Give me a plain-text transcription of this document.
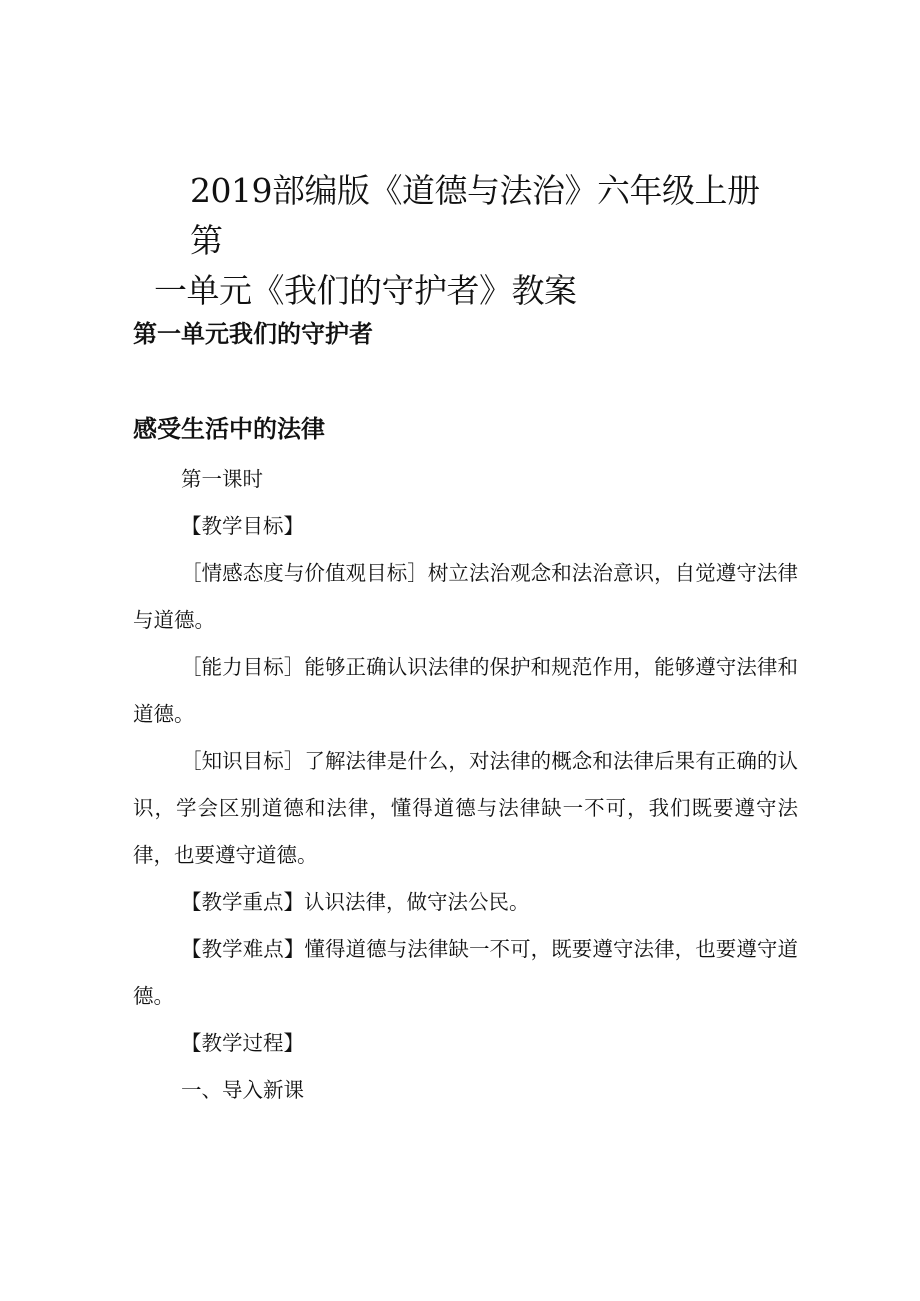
2019部编版《道德与法治》六年级上册第
一单元《我们的守护者》教案
第一单元我们的守护者
感受生活中的法律
第一课时
【教学目标】
［情感态度与价值观目标］树立法治观念和法治意识，自觉遵守法律与道德。
［能力目标］能够正确认识法律的保护和规范作用，能够遵守法律和道德。
［知识目标］了解法律是什么，对法律的概念和法律后果有正确的认识，学会区别道德和法律，懂得道德与法律缺一不可，我们既要遵守法律，也要遵守道德。
【教学重点】认识法律，做守法公民。
【教学难点】懂得道德与法律缺一不可，既要遵守法律，也要遵守道德。
【教学过程】
一、导入新课
